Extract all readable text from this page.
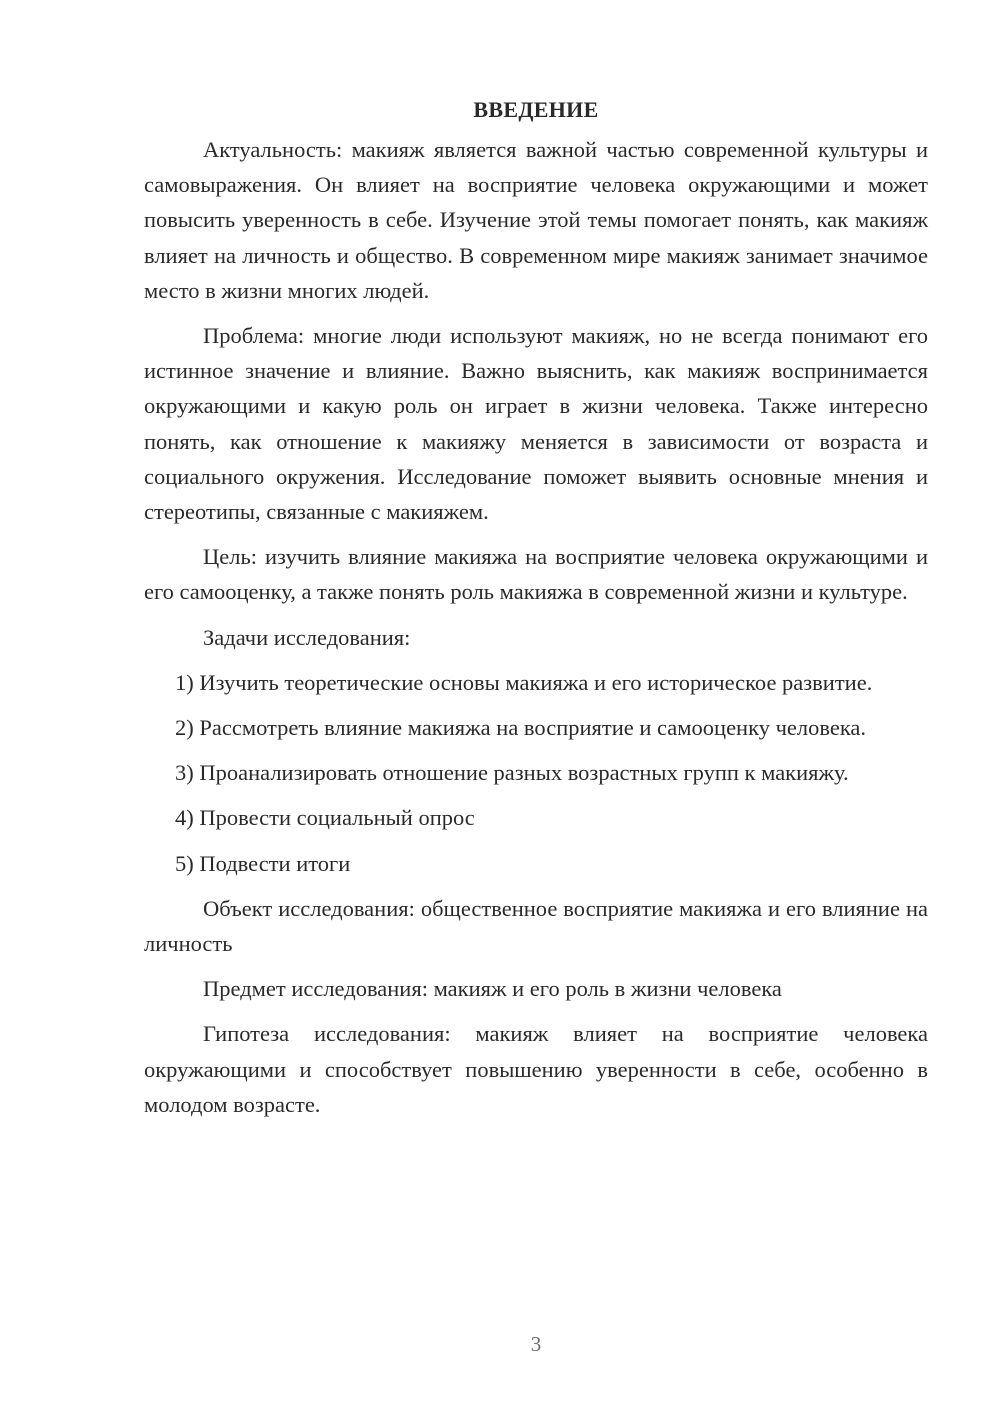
ВВЕДЕНИЕ

Актуальность: макияж является важной частью современной культуры и самовыражения. Он влияет на восприятие человека окружающими и может повысить уверенность в себе. Изучение этой темы помогает понять, как макияж влияет на личность и общество. В современном мире макияж занимает значимое место в жизни многих людей.

Проблема: многие люди используют макияж, но не всегда понимают его истинное значение и влияние. Важно выяснить, как макияж воспринимается окружающими и какую роль он играет в жизни человека. Также интересно понять, как отношение к макияжу меняется в зависимости от возраста и социального окружения. Исследование поможет выявить основные мнения и стереотипы, связанные с макияжем.

Цель: изучить влияние макияжа на восприятие человека окружающими и его самооценку, а также понять роль макияжа в современной жизни и культуре.

Задачи исследования:

1) Изучить теоретические основы макияжа и его историческое развитие.

2) Рассмотреть влияние макияжа на восприятие и самооценку человека.

3) Проанализировать отношение разных возрастных групп к макияжу.

4) Провести социальный опрос

5) Подвести итоги

Объект исследования: общественное восприятие макияжа и его влияние на личность

Предмет исследования: макияж и его роль в жизни человека

Гипотеза исследования: макияж влияет на восприятие человека окружающими и способствует повышению уверенности в себе, особенно в молодом возрасте.

3
